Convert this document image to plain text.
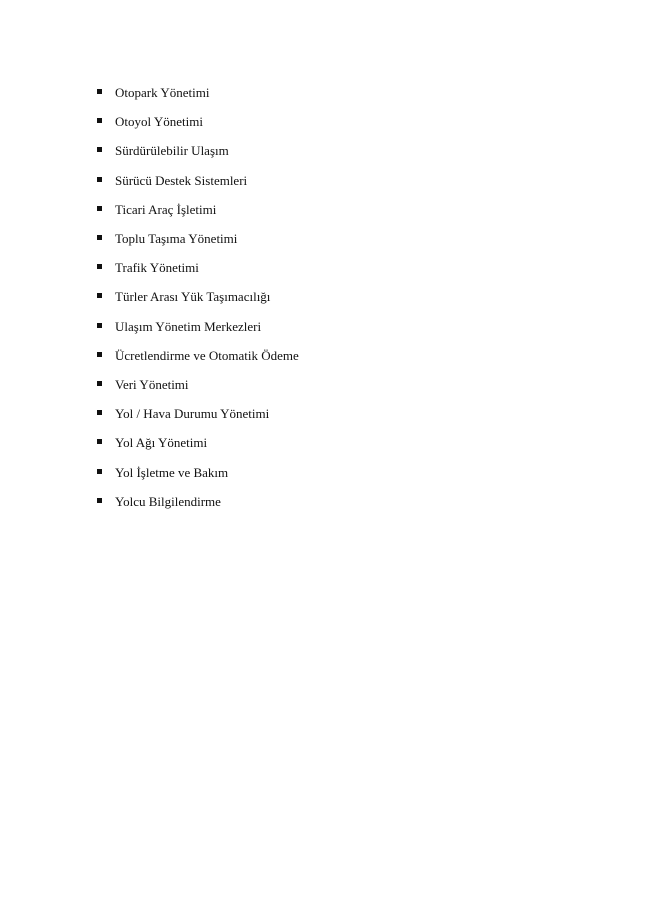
Otopark Yönetimi
Otoyol Yönetimi
Sürdürülebilir Ulaşım
Sürücü Destek Sistemleri
Ticari Araç İşletimi
Toplu Taşıma Yönetimi
Trafik Yönetimi
Türler Arası Yük Taşımacılığı
Ulaşım Yönetim Merkezleri
Ücretlendirme ve Otomatik Ödeme
Veri Yönetimi
Yol / Hava Durumu Yönetimi
Yol Ağı Yönetimi
Yol İşletme ve Bakım
Yolcu Bilgilendirme
